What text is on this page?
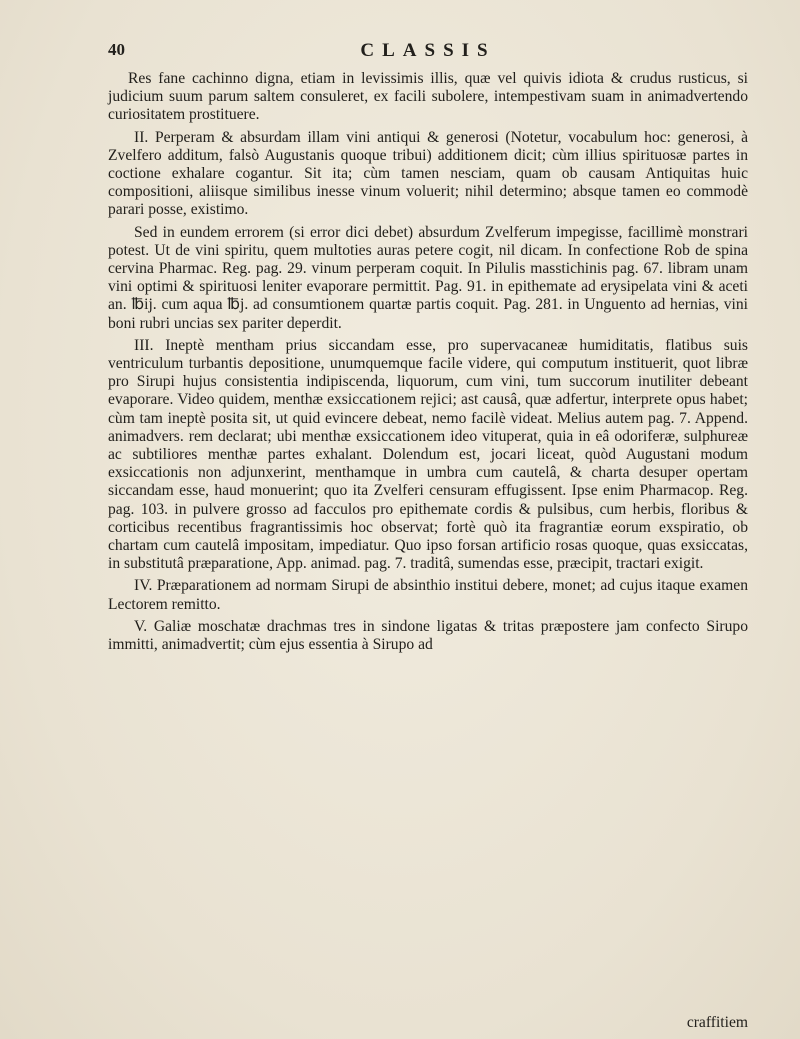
40	CLASSIS

Res fane cachinno digna, etiam in levissimis illis, quæ vel quivis idiota & crudus rusticus, si judicium suum parum saltem consuleret, ex facili subolere, intempestivam suam in animadvertendo curiositatem prostituere.

II. Perperam & absurdam illam vini antiqui & generosi (Notetur, vocabulum hoc: generosi, à Zvelfero additum, falsò Augustanis quoque tribui) additionem dicit; cùm illius spirituosæ partes in coctione exhalare cogantur. Sit ita; cùm tamen nesciam, quam ob causam Antiquitas huic compositioni, aliisque similibus inesse vinum voluerit; nihil determino; absque tamen eo commodè parari posse, existimo.

Sed in eundem errorem (si error dici debet) absurdum Zvelferum impegisse, facillimè monstrari potest. Ut de vini spiritu, quem multoties auras petere cogit, nil dicam. In confectione Rob de spina cervina Pharmac. Reg. pag. 29. vinum perperam coquit. In Pilulis masstichinis pag. 67. libram unam vini optimi & spirituosi leniter evaporare permittit. Pag. 91. in epithemate ad erysipelata vini & aceti an. ℔ij. cum aqua ℔j. ad consumtionem quartæ partis coquit. Pag. 281. in Unguento ad hernias, vini boni rubri uncias sex pariter deperdit.

III. Ineptè mentham prius siccandam esse, pro supervacaneæ humiditatis, flatibus suis ventriculum turbantis depositione, unumquemque facile videre, qui computum instituerit, quot libræ pro Sirupi hujus consistentia indipiscenda, liquorum, cum vini, tum succorum inutiliter debeant evaporare. Video quidem, menthæ exsiccationem rejici; ast causâ, quæ adfertur, interprete opus habet; cùm tam ineptè posita sit, ut quid evincere debeat, nemo facilè videat. Melius autem pag. 7. Append. animadvers. rem declarat; ubi menthæ exsiccationem ideo vituperat, quia in eâ odoriferæ, sulphureæ ac subtiliores menthæ partes exhalant. Dolendum est, jocari liceat, quòd Augustani modum exsiccationis non adjunxerint, menthamque in umbra cum cautelâ, & charta desuper opertam siccandam esse, haud monuerint; quo ita Zvelferi censuram effugissent. Ipse enim Pharmacop. Reg. pag. 103. in pulvere grosso ad facculos pro epithemate cordis & pulsibus, cum herbis, floribus & corticibus recentibus fragrantissimis hoc observat; fortè quò ita fragrantiæ eorum exspiratio, ob chartam cum cautelâ impositam, impediatur. Quo ipso forsan artificio rosas quoque, quas exsiccatas, in substitutâ præparatione, App. animad. pag. 7. traditâ, sumendas esse, præcipit, tractari exigit.

IV. Præparationem ad normam Sirupi de absinthio institui debere, monet; ad cujus itaque examen Lectorem remitto.

V. Galiæ moschatæ drachmas tres in sindone ligatas & tritas præpostere jam confecto Sirupo immitti, animadvertit; cùm ejus essentia à Sirupo ad

craffitiem
